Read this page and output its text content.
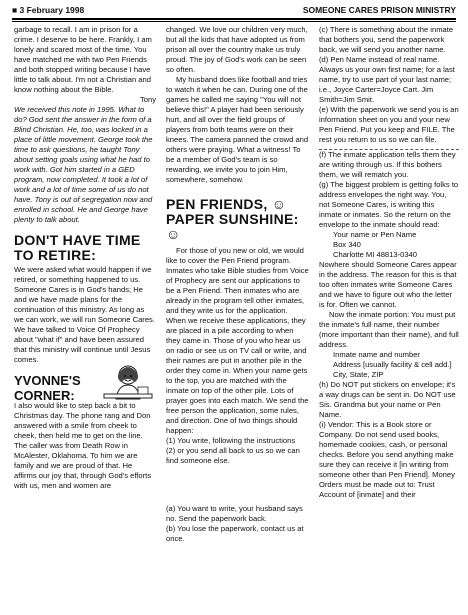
■ 3 February 1998	SOMEONE CARES PRISON MINISTRY

garbage to recall. I am in prison for a crime. I deserve to be here. Frankly, I am lonely and scared most of the time. You have matched me with two Pen Friends and both stopped writing because I have little to talk about. I'm not a Christian and know nothing about the Bible.

Tony

We received this note in 1995. What to do? God sent the answer in the form of a Blind Christian. He, too, was locked in a place of little movement. George took the time to ask questions, he taught Tony about setting goals using what he had to work with. Got him started in a GED program, now completed. It took a lot of work and a lot of time some of us do not have. Tony is out of segregation now and enrolled in school. He and George have plenty to talk about.

DON'T HAVE TIME TO RETIRE:

We were asked what would happen if we retired, or something happened to us. Someone Cares is in God's hands; He and we have made plans for the continuation of this ministry. As long as we can work, we will run Someone Cares. We have talked to Voice Of Prophecy about "what if" and have been assured that this ministry will continue until Jesus comes.

YVONNE'S CORNER:

I also would like to step back a bit to Christmas day. The phone rang and Don answered with a smile from cheek to cheek, then held me to get on the line. The caller was from Death Row in McAlester, Oklahoma. To him we are family and we are proud of that. He affirms our joy that, through God's efforts with us, men and women are

changed. We love our children very much, but all the kids that have adopted us from prison all over the country make us truly proud. The joy of God's work can be seen so often.

My husband does like football and tries to watch it when he can. During one of the games he called me saying "You will not believe this!" A player had been seriously hurt, and all over the field groups of players from both teams were on their knees. The camera panned the crowd and others were praying. What a witness! To be a member of God's team is so rewarding, we invite you to join Him, somewhere, somehow.

PEN FRIENDS, ☺ PAPER SUNSHINE: ☺

For those of you new or old, we would like to cover the Pen Friend program. Inmates who take Bible studies from Voice of Prophecy are sent our applications to be a Pen Friend. Then inmates who are already in the program tell other inmates, and they write us for the application. When we receive these applications, they are placed in a pile according to when they came in. Those of you who hear us on radio or see us on TV call or write, and their names are put in another pile in the order they come in. When your name gets to the top, you are matched with the inmate on top of the other pile. Lots of prayer goes into each match. We send the free person the application, some rules, and direction. One of two things should happen:

(1) You write, following the instructions

(2) or you send all back to us so we can find someone else.

(a) You want to write, your husband says no. Send the paperwork back.

(b) You lose the paperwork, contact us at once.

(c) There is something about the inmate that bothers you, send the paperwork back, we will send you another name.

(d) Pen Name instead of real name. Always us your own first name; for a last name, try to use part of your last name; i.e., Joyce Carter=Joyce Cart. Jim Smith=Jim Smit.

(e) With the paperwork we send you is an information sheet on you and your new Pen Friend. Put you keep and FILE. The rest you return to us so we can file.

(f) The inmate application tells them they are writing through us. If this bothers them, we will rematch you.

(g) The biggest problem is getting folks to address envelopes the right way. You, not Someone Cares, is writing this inmate or inmates. So the return on the envelope to the inmate should read:

Your name or Pen Name

Box 340

Charlotte MI 48813-0340

Nowhere should Someone Cares appear in the address. The reason for this is that too often inmates write Someone Cares and we have to figure out who the letter is for. Often we cannot.

Now the inmate portion: You must put the inmate's full name, their number (more important than their name), and full address.

Inmate name and number

Address [usually facility & cell add.]

City, State, ZIP

(h) Do NOT put stickers on envelope; it's a way drugs can be sent in. Do NOT use Sis. Grandma but your name or Pen Name.

(i) Vendor: This is a Book store or Company. Do not send used books, homemade cookies, cash, or personal checks. Before you send anything make sure they can receive it [in writing from someone other than Pen Friend]. Money Orders must be made out to: Trust Account of [inmate] and their
